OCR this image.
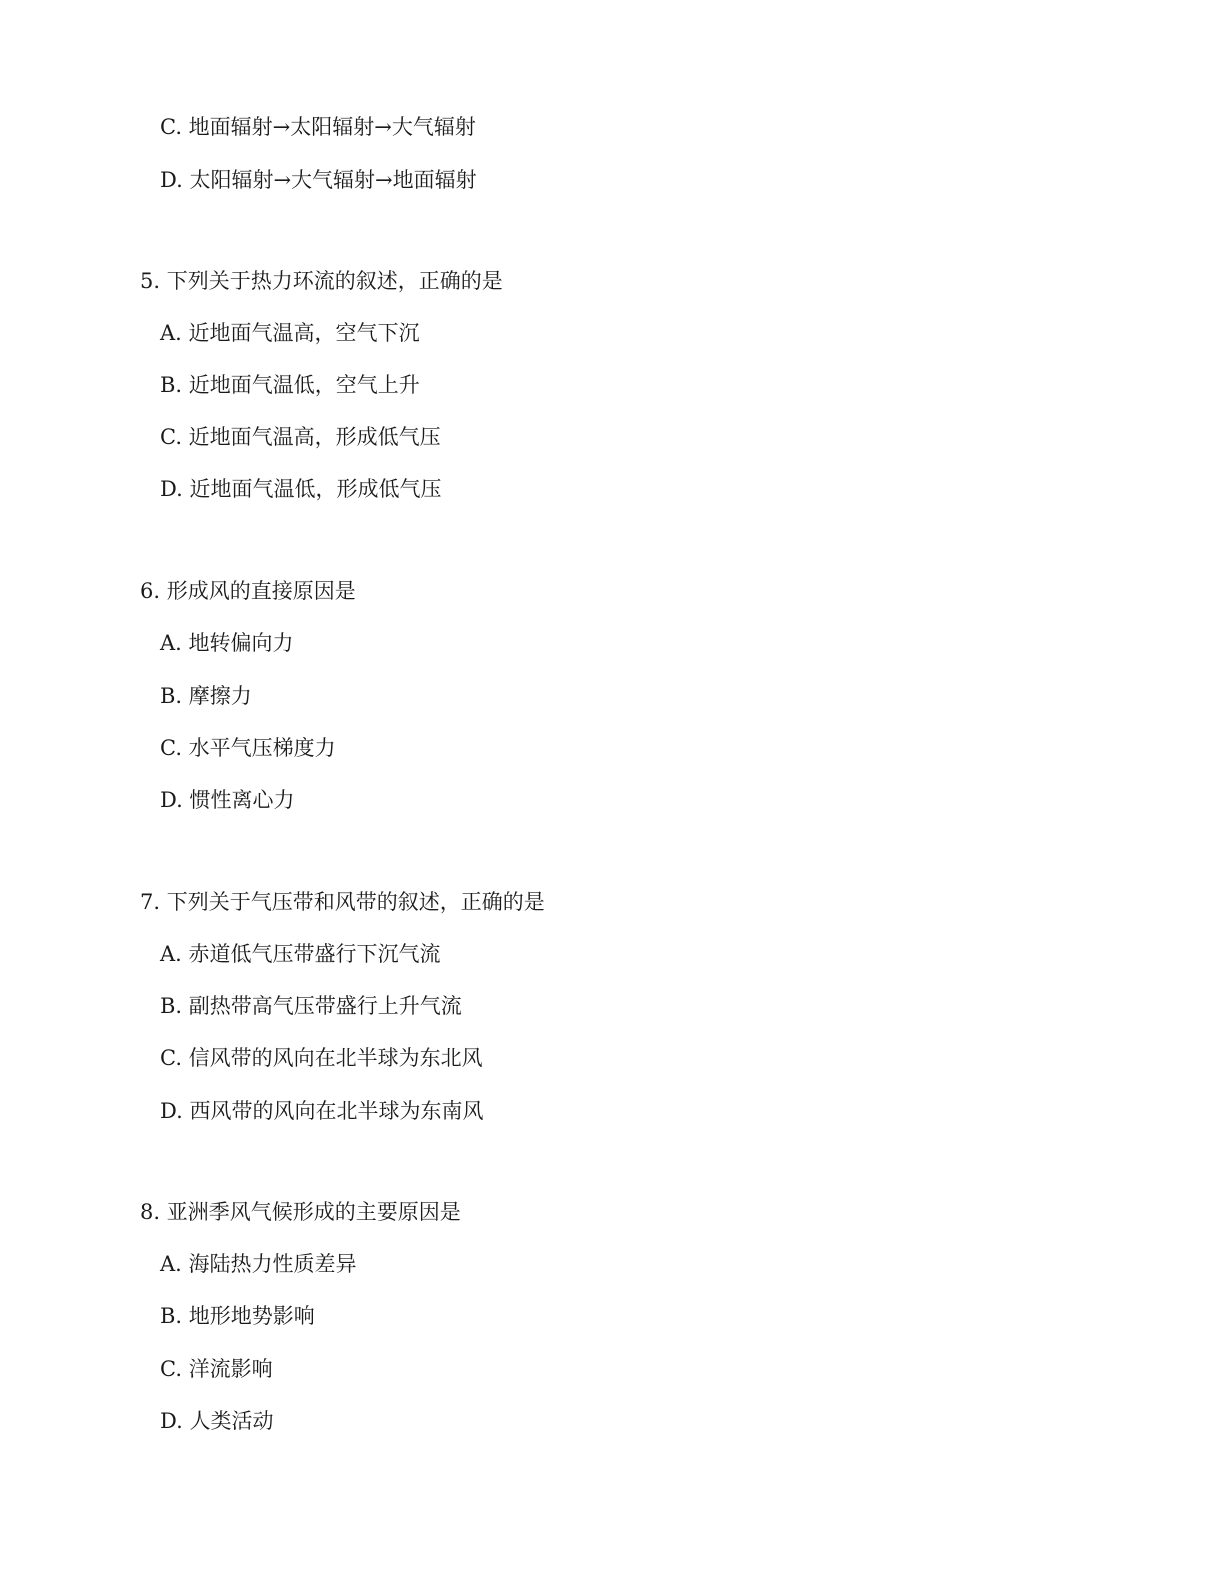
C. 地面辐射→太阳辐射→大气辐射
D. 太阳辐射→大气辐射→地面辐射
5. 下列关于热力环流的叙述，正确的是
A. 近地面气温高，空气下沉
B. 近地面气温低，空气上升
C. 近地面气温高，形成低气压
D. 近地面气温低，形成低气压
6. 形成风的直接原因是
A. 地转偏向力
B. 摩擦力
C. 水平气压梯度力
D. 惯性离心力
7. 下列关于气压带和风带的叙述，正确的是
A. 赤道低气压带盛行下沉气流
B. 副热带高气压带盛行上升气流
C. 信风带的风向在北半球为东北风
D. 西风带的风向在北半球为东南风
8. 亚洲季风气候形成的主要原因是
A. 海陆热力性质差异
B. 地形地势影响
C. 洋流影响
D. 人类活动
